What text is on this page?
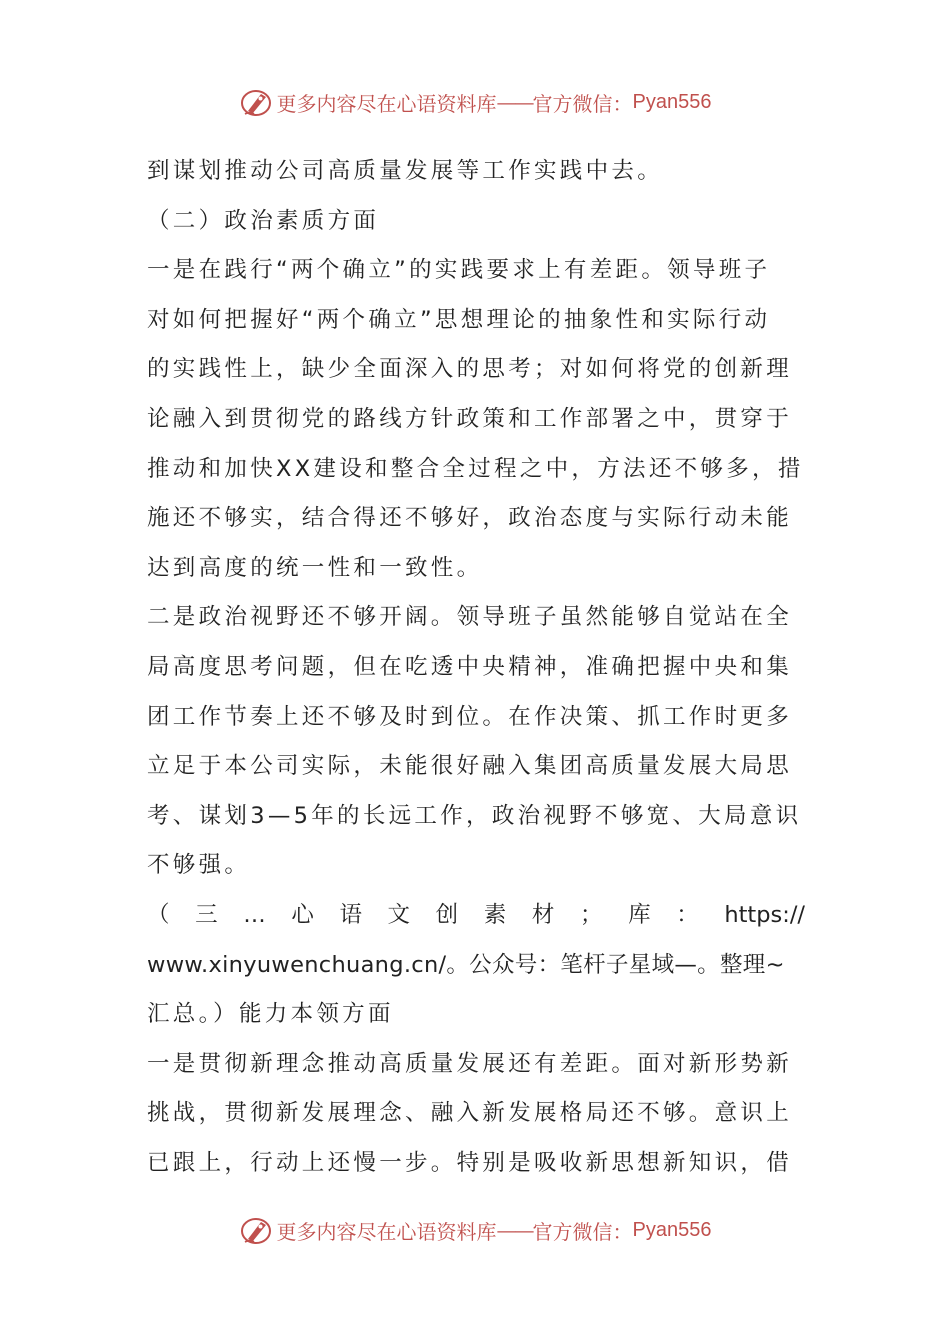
更多内容尽在心语资料库 —— 官方微信： Pyan556

到谋划推动公司高质量发展等工作实践中去。

（二）政治素质方面

一是在践行“两个确立”的实践要求上有差距。领导班子

对如何把握好“两个确立”思想理论的抽象性和实际行动

的实践性上，缺少全面深入的思考；对如何将党的创新理

论融入到贯彻党的路线方针政策和工作部署之中，贯穿于

推动和加快XX建设和整合全过程之中，方法还不够多，措

施还不够实，结合得还不够好，政治态度与实际行动未能

达到高度的统一性和一致性。

二是政治视野还不够开阔。领导班子虽然能够自觉站在全

局高度思考问题，但在吃透中央精神，准确把握中央和集

团工作节奏上还不够及时到位。在作决策、抓工作时更多

立足于本公司实际，未能很好融入集团高质量发展大局思

考、谋划3—5年的长远工作，政治视野不够宽、大局意识

不够强。

（三…心语文创素材；库：https://

www.xinyuwenchuang.cn/。公众号：笔杆子星域—。整理~

汇总。）能力本领方面

一是贯彻新理念推动高质量发展还有差距。面对新形势新

挑战，贯彻新发展理念、融入新发展格局还不够。意识上

已跟上，行动上还慢一步。特别是吸收新思想新知识，借

更多内容尽在心语资料库 —— 官方微信： Pyan556
